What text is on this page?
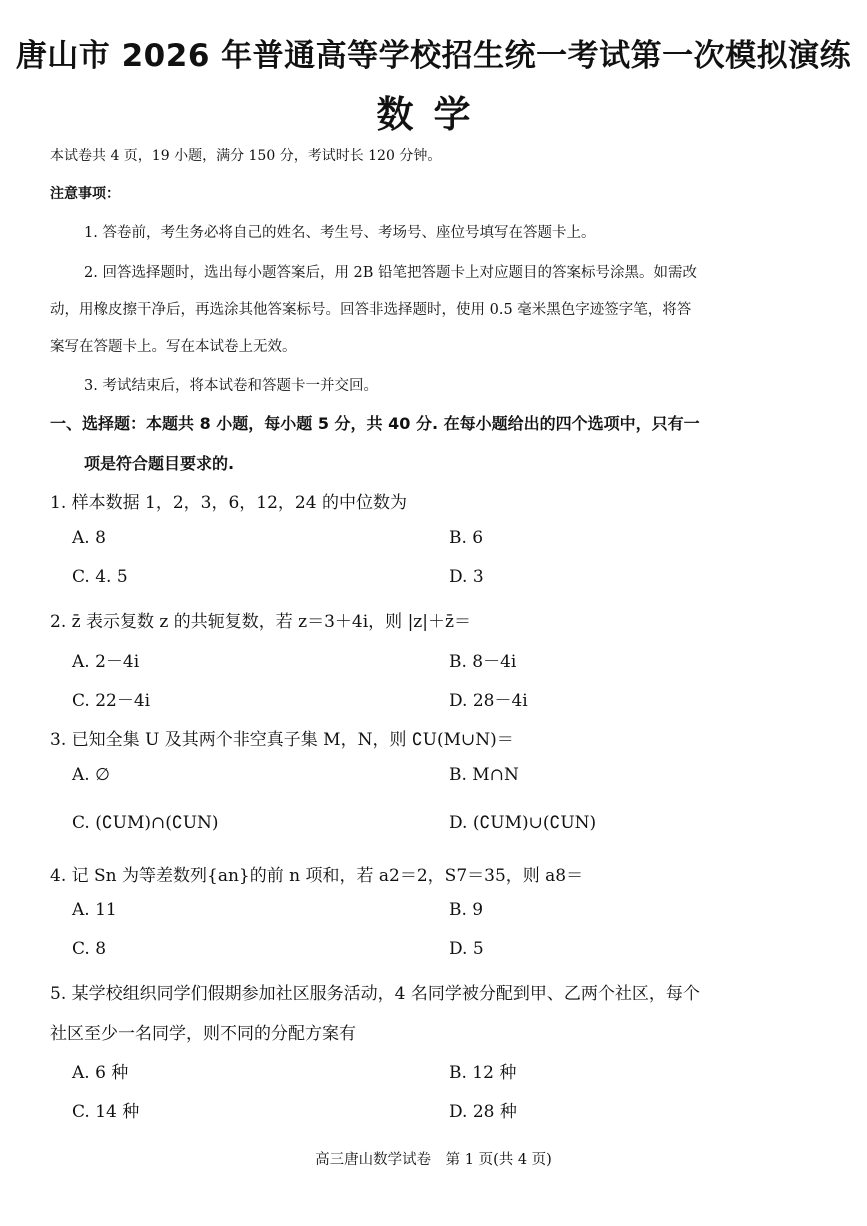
唐山市 2026 年普通高等学校招生统一考试第一次模拟演练
数学
本试卷共 4 页，19 小题，满分 150 分，考试时长 120 分钟。
注意事项：
1. 答卷前，考生务必将自己的姓名、考生号、考场号、座位号填写在答题卡上。
2. 回答选择题时，选出每小题答案后，用 2B 铅笔把答题卡上对应题目的答案标号涂黑。如需改
动，用橡皮擦干净后，再选涂其他答案标号。回答非选择题时，使用 0.5 毫米黑色字迹签字笔，将答
案写在答题卡上。写在本试卷上无效。
3. 考试结束后，将本试卷和答题卡一并交回。
一、选择题：本题共 8 小题，每小题 5 分，共 40 分. 在每小题给出的四个选项中，只有一
项是符合题目要求的.
1. 样本数据 1，2，3，6，12，24 的中位数为
A. 8	B. 6
C. 4. 5	D. 3
2. z̄ 表示复数 z 的共轭复数，若 z＝3＋4i，则 |z|＋z̄＝
A. 2－4i	B. 8－4i
C. 22－4i	D. 28－4i
3. 已知全集 U 及其两个非空真子集 M，N，则 ∁U(M∪N)＝
A. ∅	B. M∩N
C. (∁UM)∩(∁UN)	D. (∁UM)∪(∁UN)
4. 记 Sn 为等差数列{an}的前 n 项和，若 a2＝2，S7＝35，则 a8＝
A. 11	B. 9
C. 8	D. 5
5. 某学校组织同学们假期参加社区服务活动，4 名同学被分配到甲、乙两个社区，每个
社区至少一名同学，则不同的分配方案有
A. 6 种	B. 12 种
C. 14 种	D. 28 种
高三唐山数学试卷　第 1 页(共 4 页)
